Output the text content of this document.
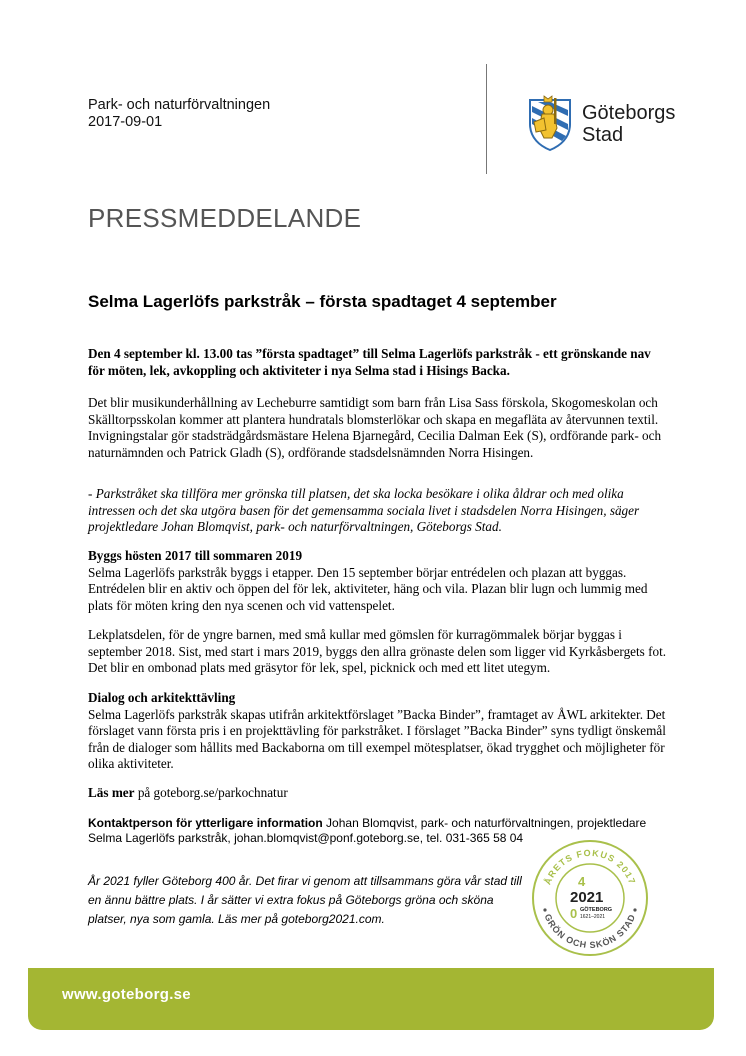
Park- och naturförvaltningen
2017-09-01	Göteborgs
Stad
PRESSMEDDELANDE
Selma Lagerlöfs parkstråk – första spadtaget 4 september
Den 4 september kl. 13.00 tas ”första spadtaget” till Selma Lagerlöfs parkstråk - ett grönskande nav för möten, lek, avkoppling och aktiviteter i nya Selma stad i Hisings Backa.
Det blir musikunderhållning av Lecheburre samtidigt som barn från Lisa Sass förskola, Skogomeskolan och Skälltorpsskolan kommer att plantera hundratals blomsterlökar och skapa en megafläta av återvunnen textil. Invigningstalar gör stadsträdgårdsmästare Helena Bjarnegård, Cecilia Dalman Eek (S), ordförande park- och naturnämnden och Patrick Gladh (S), ordförande stadsdelsnämnden Norra Hisingen.
- Parkstråket ska tillföra mer grönska till platsen, det ska locka besökare i olika åldrar och med olika intressen och det ska utgöra basen för det gemensamma sociala livet i stadsdelen Norra Hisingen, säger projektledare Johan Blomqvist, park- och naturförvaltningen, Göteborgs Stad.
Byggs hösten 2017 till sommaren 2019
Selma Lagerlöfs parkstråk byggs i etapper. Den 15 september börjar entrédelen och plazan att byggas. Entrédelen blir en aktiv och öppen del för lek, aktiviteter, häng och vila. Plazan blir lugn och lummig med plats för möten kring den nya scenen och vid vattenspelet.
Lekplatsdelen, för de yngre barnen, med små kullar med gömslen för kurragömmalek börjar byggas i september 2018. Sist, med start i mars 2019, byggs den allra grönaste delen som ligger vid Kyrkåsbergets fot. Det blir en ombonad plats med gräsytor för lek, spel, picknick och med ett litet utegym.
Dialog och arkitekttävling
Selma Lagerlöfs parkstråk skapas utifrån arkitektförslaget ”Backa Binder”, framtaget av ÅWL arkitekter. Det förslaget vann första pris i en projekttävling för parkstråket. I förslaget ”Backa Binder” syns tydligt önskemål från de dialoger som hållits med Backaborna om till exempel mötesplatser, ökad trygghet och möjligheter för olika aktiviteter.
Läs mer på goteborg.se/parkochnatur
Kontaktperson för ytterligare information Johan Blomqvist, park- och naturförvaltningen, projektledare Selma Lagerlöfs parkstråk, johan.blomqvist@ponf.goteborg.se, tel. 031-365 58 04
År 2021 fyller Göteborg 400 år. Det firar vi genom att tillsammans göra vår stad till en ännu bättre plats. I år sätter vi extra fokus på Göteborgs gröna och sköna platser, nya som gamla. Läs mer på goteborg2021.com.
ÅRETS FOKUS 2017
GRÖN OCH SKÖN STAD
4
2021
0 GÖTEBORG
1621–2021
www.goteborg.se
